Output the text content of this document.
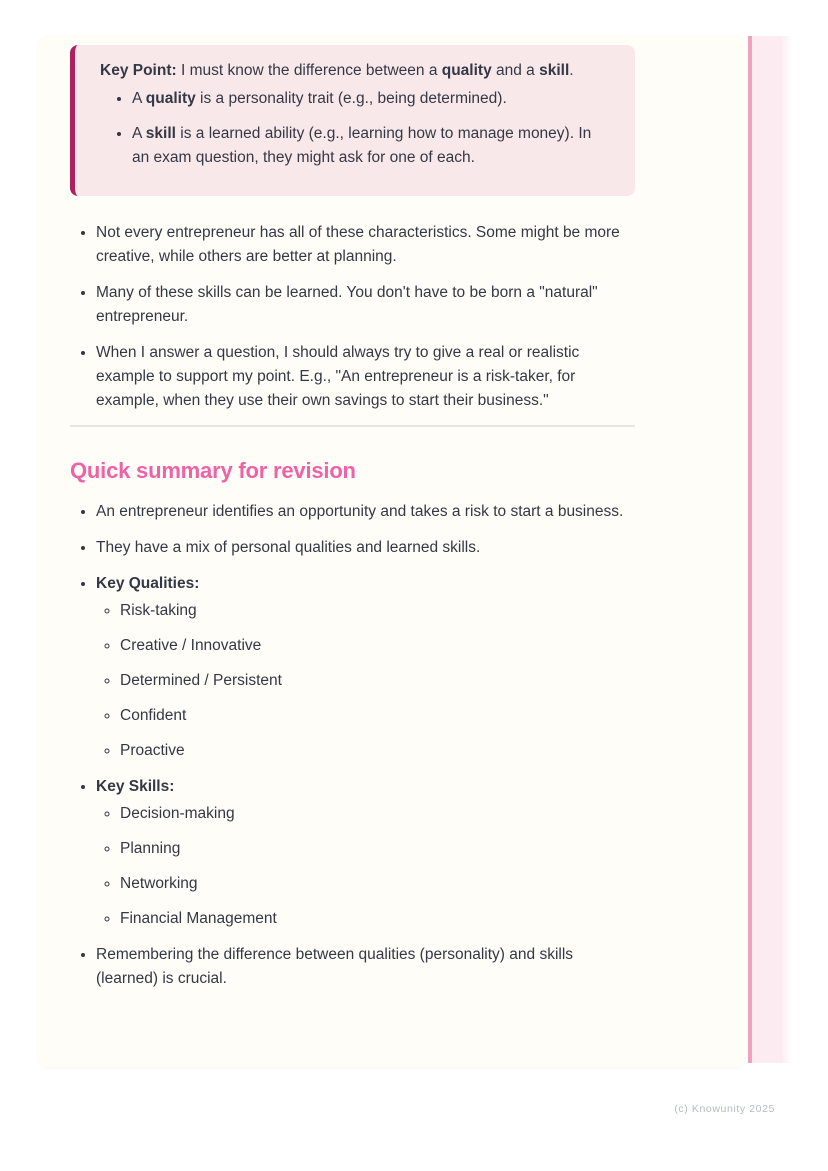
Key Point: I must know the difference between a quality and a skill.

• A quality is a personality trait (e.g., being determined).
• A skill is a learned ability (e.g., learning how to manage money). In an exam question, they might ask for one of each.
• Not every entrepreneur has all of these characteristics. Some might be more creative, while others are better at planning.
• Many of these skills can be learned. You don't have to be born a "natural" entrepreneur.
• When I answer a question, I should always try to give a real or realistic example to support my point. E.g., "An entrepreneur is a risk-taker, for example, when they use their own savings to start their business."
Quick summary for revision
• An entrepreneur identifies an opportunity and takes a risk to start a business.
• They have a mix of personal qualities and learned skills.
• Key Qualities:
◦ Risk-taking
◦ Creative / Innovative
◦ Determined / Persistent
◦ Confident
◦ Proactive
• Key Skills:
◦ Decision-making
◦ Planning
◦ Networking
◦ Financial Management
• Remembering the difference between qualities (personality) and skills (learned) is crucial.
(c) Knowunity 2025
